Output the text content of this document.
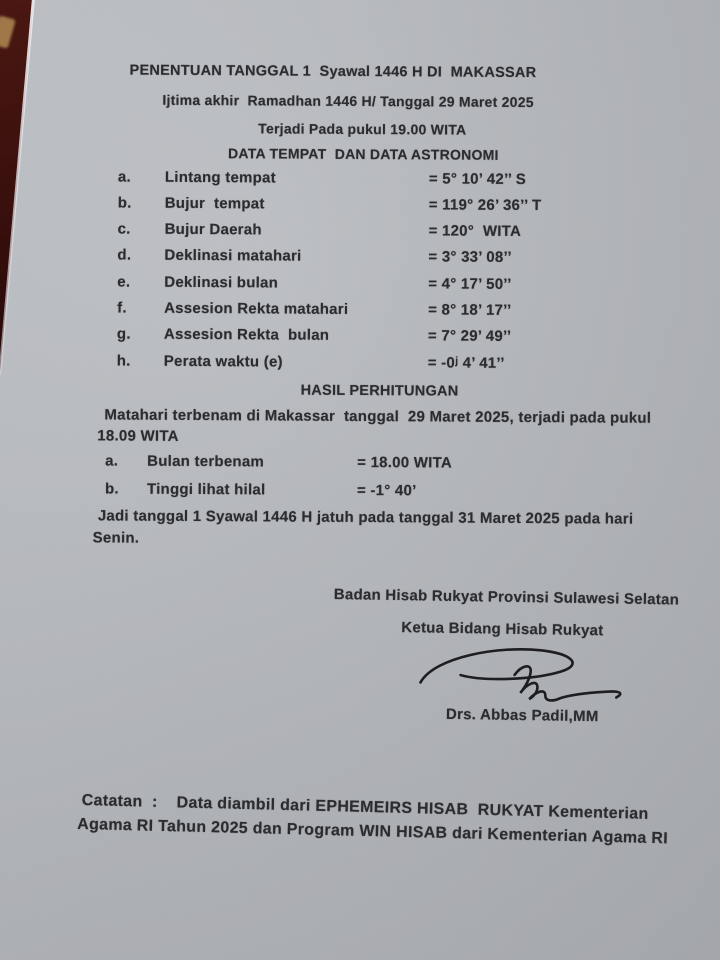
PENENTUAN TANGGAL 1  Syawal 1446 H DI  MAKASSAR
Ijtima akhir  Ramadhan 1446 H/ Tanggal 29 Maret 2025
Terjadi Pada pukul 19.00 WITA
DATA TEMPAT  DAN DATA ASTRONOMI
a. Lintang tempat	= 5° 10’ 42’’ S
b. Bujur  tempat	= 119° 26’ 36’’ T
c. Bujur Daerah	= 120°  WITA
d. Deklinasi matahari	= 3° 33’ 08’’
e. Deklinasi bulan	= 4° 17’ 50’’
f. Assesion Rekta matahari	= 8° 18’ 17’’
g. Assesion Rekta  bulan	= 7° 29’ 49’’
h. Perata waktu (e)	= -0ʲ 4’ 41’’
HASIL PERHITUNGAN
Matahari terbenam di Makassar  tanggal  29 Maret 2025, terjadi pada pukul
18.09 WITA
a. Bulan terbenam	= 18.00 WITA
b. Tinggi lihat hilal	= -1° 40’
Jadi tanggal 1 Syawal 1446 H jatuh pada tanggal 31 Maret 2025 pada hari
Senin.
Badan Hisab Rukyat Provinsi Sulawesi Selatan
Ketua Bidang Hisab Rukyat
Drs. Abbas Padil,MM
Catatan  :    Data diambil dari EPHEMEIRS HISAB  RUKYAT Kementerian
Agama RI Tahun 2025 dan Program WIN HISAB dari Kementerian Agama RI
